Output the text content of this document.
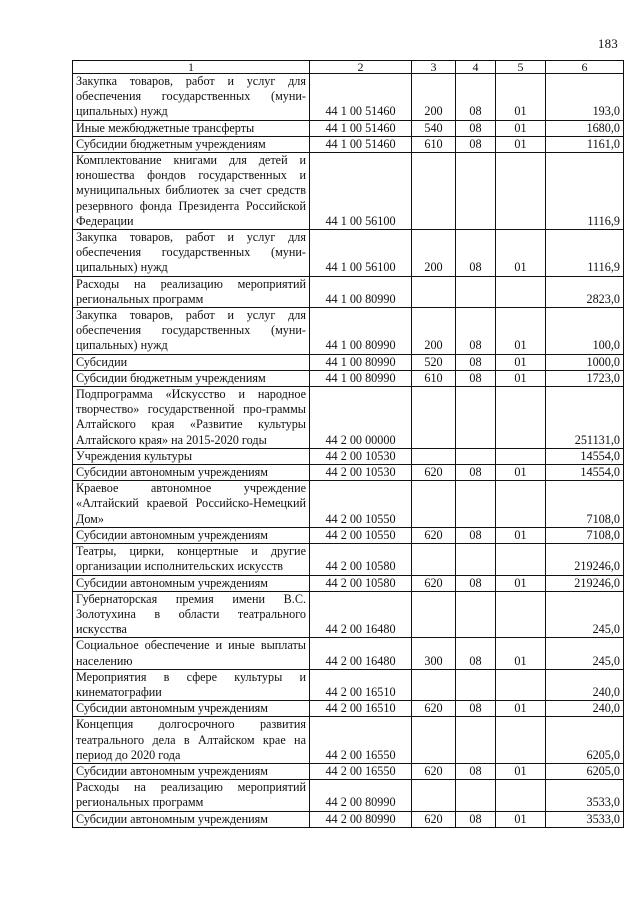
183
1	2	3	4	5	6
Закупка товаров, работ и услуг для обеспечения государственных (муни-ципальных) нужд	44 1 00 51460	200	08	01	193,0
Иные межбюджетные трансферты	44 1 00 51460	540	08	01	1680,0
Субсидии бюджетным учреждениям	44 1 00 51460	610	08	01	1161,0
Комплектование книгами для детей и юношества фондов государственных и муниципальных библиотек за счет средств резервного фонда Президента Российской Федерации	44 1 00 56100				1116,9
Закупка товаров, работ и услуг для обеспечения государственных (муни-ципальных) нужд	44 1 00 56100	200	08	01	1116,9
Расходы на реализацию мероприятий региональных программ	44 1 00 80990				2823,0
Закупка товаров, работ и услуг для обеспечения государственных (муни-ципальных) нужд	44 1 00 80990	200	08	01	100,0
Субсидии	44 1 00 80990	520	08	01	1000,0
Субсидии бюджетным учреждениям	44 1 00 80990	610	08	01	1723,0
Подпрограмма «Искусство и народное творчество» государственной про-граммы Алтайского края «Развитие культуры Алтайского края» на 2015-2020 годы	44 2 00 00000				251131,0
Учреждения культуры	44 2 00 10530				14554,0
Субсидии автономным учреждениям	44 2 00 10530	620	08	01	14554,0
Краевое автономное учреждение «Алтайский краевой Российско-Немецкий Дом»	44 2 00 10550				7108,0
Субсидии автономным учреждениям	44 2 00 10550	620	08	01	7108,0
Театры, цирки, концертные и другие организации исполнительских искусств	44 2 00 10580				219246,0
Субсидии автономным учреждениям	44 2 00 10580	620	08	01	219246,0
Губернаторская премия имени В.С. Золотухина в области театрального искусства	44 2 00 16480				245,0
Социальное обеспечение и иные выплаты населению	44 2 00 16480	300	08	01	245,0
Мероприятия в сфере культуры и кинематографии	44 2 00 16510				240,0
Субсидии автономным учреждениям	44 2 00 16510	620	08	01	240,0
Концепция долгосрочного развития театрального дела в Алтайском крае на период до 2020 года	44 2 00 16550				6205,0
Субсидии автономным учреждениям	44 2 00 16550	620	08	01	6205,0
Расходы на реализацию мероприятий региональных программ	44 2 00 80990				3533,0
Субсидии автономным учреждениям	44 2 00 80990	620	08	01	3533,0
